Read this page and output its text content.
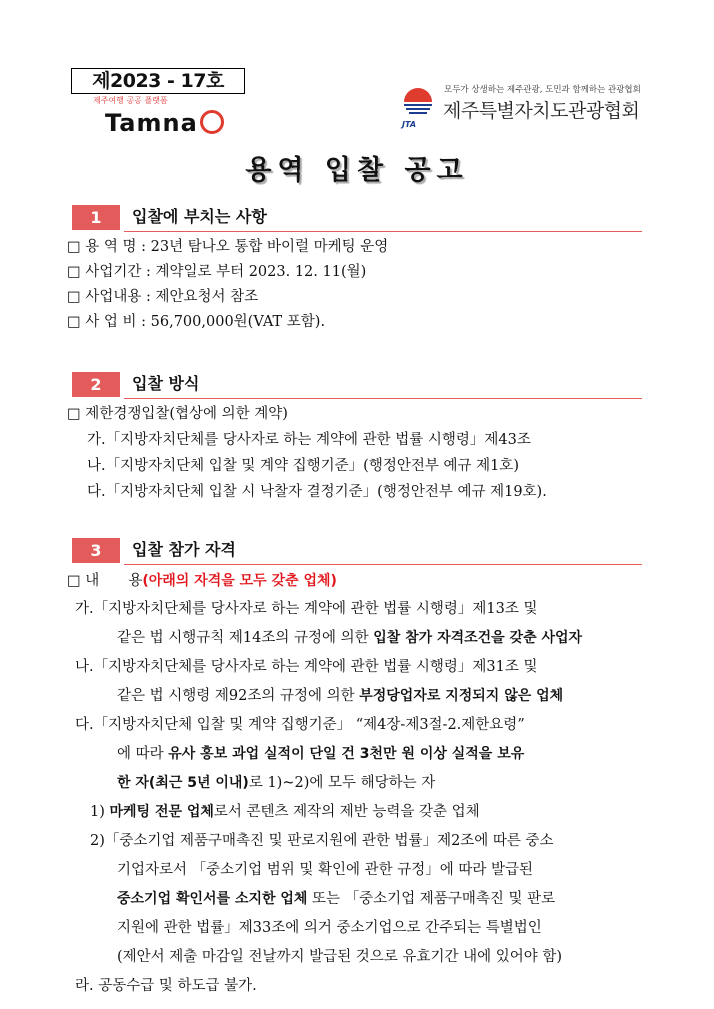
제2023 - 17호
제주여행 공공 플랫폼
Tamna	JTA
모두가 상생하는 제주관광, 도민과 함께하는 관광협회
제주특별자치도관광협회
용역 입찰 공고
1	입찰에 부치는 사항
□ 용 역 명 : 23년 탐나오 통합 바이럴 마케팅 운영
□ 사업기간 : 계약일로 부터 2023. 12. 11(월)
□ 사업내용 : 제안요청서 참조
□ 사 업 비 : 56,700,000원(VAT 포함).
2	입찰 방식
□ 제한경쟁입찰(협상에 의한 계약)
가.「지방자치단체를 당사자로 하는 계약에 관한 법률 시행령」제43조
나.「지방자치단체 입찰 및 계약 집행기준」(행정안전부 예규 제1호)
다.「지방자치단체 입찰 시 낙찰자 결정기준」(행정안전부 예규 제19호).
3	입찰 참가 자격
□ 내　　용(아래의 자격을 모두 갖춘 업체)
가.「지방자치단체를 당사자로 하는 계약에 관한 법률 시행령」제13조 및
같은 법 시행규칙 제14조의 규정에 의한 입찰 참가 자격조건을 갖춘 사업자
나.「지방자치단체를 당사자로 하는 계약에 관한 법률 시행령」제31조 및
같은 법 시행령 제92조의 규정에 의한 부정당업자로 지정되지 않은 업체
다.「지방자치단체 입찰 및 계약 집행기준」 “제4장-제3절-2.제한요령”
에 따라 유사 홍보 과업 실적이 단일 건 3천만 원 이상 실적을 보유
한 자(최근 5년 이내)로 1)~2)에 모두 해당하는 자
1) 마케팅 전문 업체로서 콘텐츠 제작의 제반 능력을 갖춘 업체
2)「중소기업 제품구매촉진 및 판로지원에 관한 법률」제2조에 따른 중소
기업자로서 「중소기업 범위 및 확인에 관한 규정」에 따라 발급된
중소기업 확인서를 소지한 업체 또는 「중소기업 제품구매촉진 및 판로
지원에 관한 법률」제33조에 의거 중소기업으로 간주되는 특별법인
(제안서 제출 마감일 전날까지 발급된 것으로 유효기간 내에 있어야 함)
라. 공동수급 및 하도급 불가.
